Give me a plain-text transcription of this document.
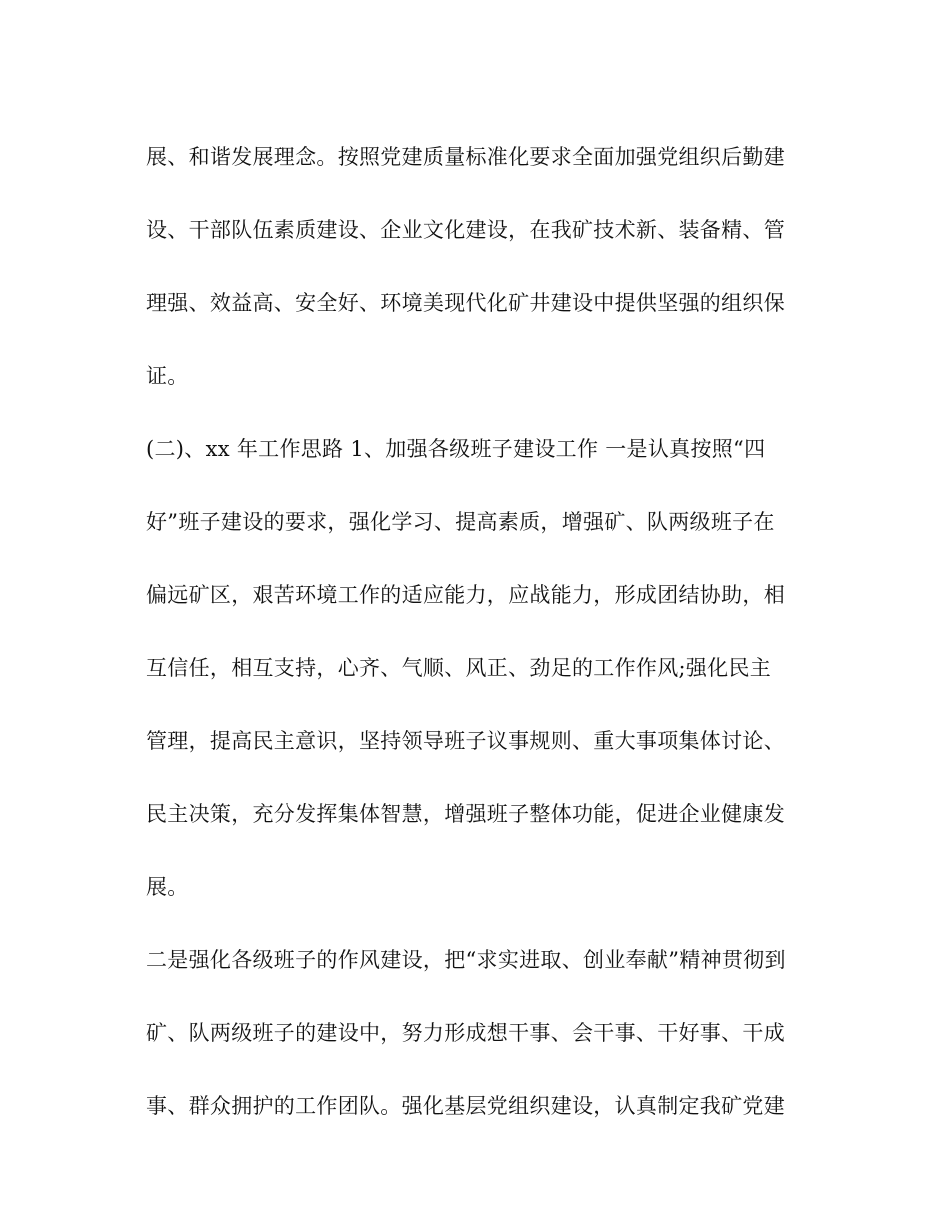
展、和谐发展理念。按照党建质量标准化要求全面加强党组织后勤建
设、干部队伍素质建设、企业文化建设，在我矿技术新、装备精、管
理强、效益高、安全好、环境美现代化矿井建设中提供坚强的组织保
证。
(二)、xx 年工作思路 1、加强各级班子建设工作 一是认真按照“四
好”班子建设的要求，强化学习、提高素质，增强矿、队两级班子在
偏远矿区，艰苦环境工作的适应能力，应战能力，形成团结协助，相
互信任，相互支持，心齐、气顺、风正、劲足的工作作风;强化民主
管理，提高民主意识，坚持领导班子议事规则、重大事项集体讨论、
民主决策，充分发挥集体智慧，增强班子整体功能，促进企业健康发
展。
二是强化各级班子的作风建设，把“求实进取、创业奉献”精神贯彻到
矿、队两级班子的建设中，努力形成想干事、会干事、干好事、干成
事、群众拥护的工作团队。强化基层党组织建设，认真制定我矿党建
